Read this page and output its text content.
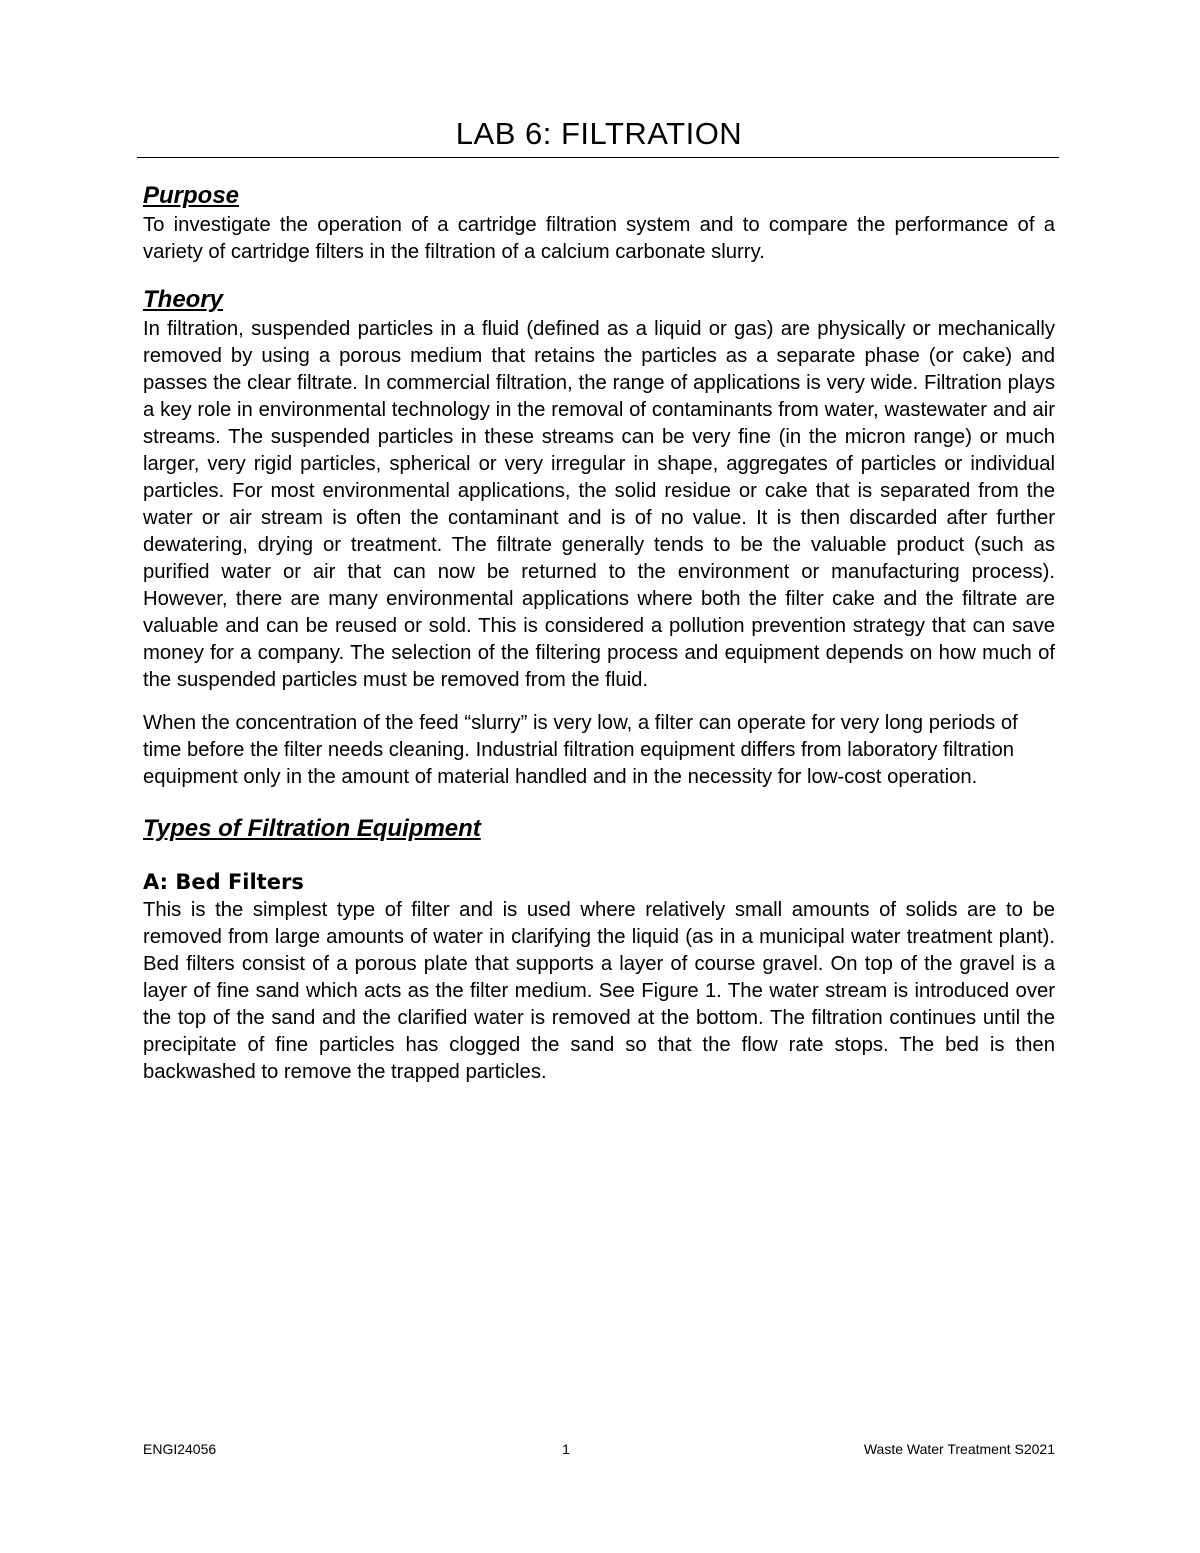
LAB 6: FILTRATION
Purpose

To investigate the operation of a cartridge filtration system and to compare the performance of a variety of cartridge filters in the filtration of a calcium carbonate slurry.

Theory

In filtration, suspended particles in a fluid (defined as a liquid or gas) are physically or mechanically removed by using a porous medium that retains the particles as a separate phase (or cake) and passes the clear filtrate. In commercial filtration, the range of applications is very wide. Filtration plays a key role in environmental technology in the removal of contaminants from water, wastewater and air streams. The suspended particles in these streams can be very fine (in the micron range) or much larger, very rigid particles, spherical or very irregular in shape, aggregates of particles or individual particles. For most environmental applications, the solid residue or cake that is separated from the water or air stream is often the contaminant and is of no value. It is then discarded after further dewatering, drying or treatment. The filtrate generally tends to be the valuable product (such as purified water or air that can now be returned to the environment or manufacturing process). However, there are many environmental applications where both the filter cake and the filtrate are valuable and can be reused or sold. This is considered a pollution prevention strategy that can save money for a company. The selection of the filtering process and equipment depends on how much of the suspended particles must be removed from the fluid.

When the concentration of the feed “slurry” is very low, a filter can operate for very long periods of time before the filter needs cleaning. Industrial filtration equipment differs from laboratory filtration equipment only in the amount of material handled and in the necessity for low-cost operation.

Types of Filtration Equipment
A: Bed Filters

This is the simplest type of filter and is used where relatively small amounts of solids are to be removed from large amounts of water in clarifying the liquid (as in a municipal water treatment plant). Bed filters consist of a porous plate that supports a layer of course gravel. On top of the gravel is a layer of fine sand which acts as the filter medium. See Figure 1. The water stream is introduced over the top of the sand and the clarified water is removed at the bottom. The filtration continues until the precipitate of fine particles has clogged the sand so that the flow rate stops. The bed is then backwashed to remove the trapped particles.

ENGI24056	1	Waste Water Treatment S2021
